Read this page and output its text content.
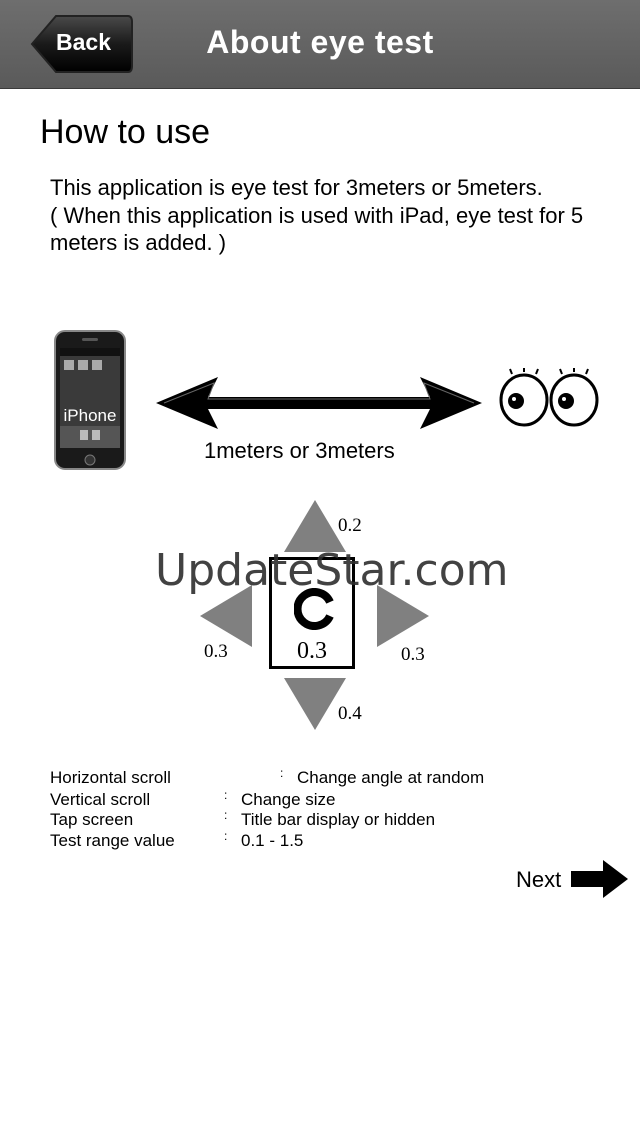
Back	About eye test
How to use

This application is eye test for 3meters or 5meters.

( When this application is used with iPad, eye test for 5 meters is added. )

iPhone
1meters or 3meters
0.3
0.2
0.3	0.3
0.4
UpdateStar.com
Horizontal scroll	: Change angle at random
Vertical scroll	: Change size
Tap screen	: Title bar display or hidden
Test range value	: 0.1 - 1.5
Next
